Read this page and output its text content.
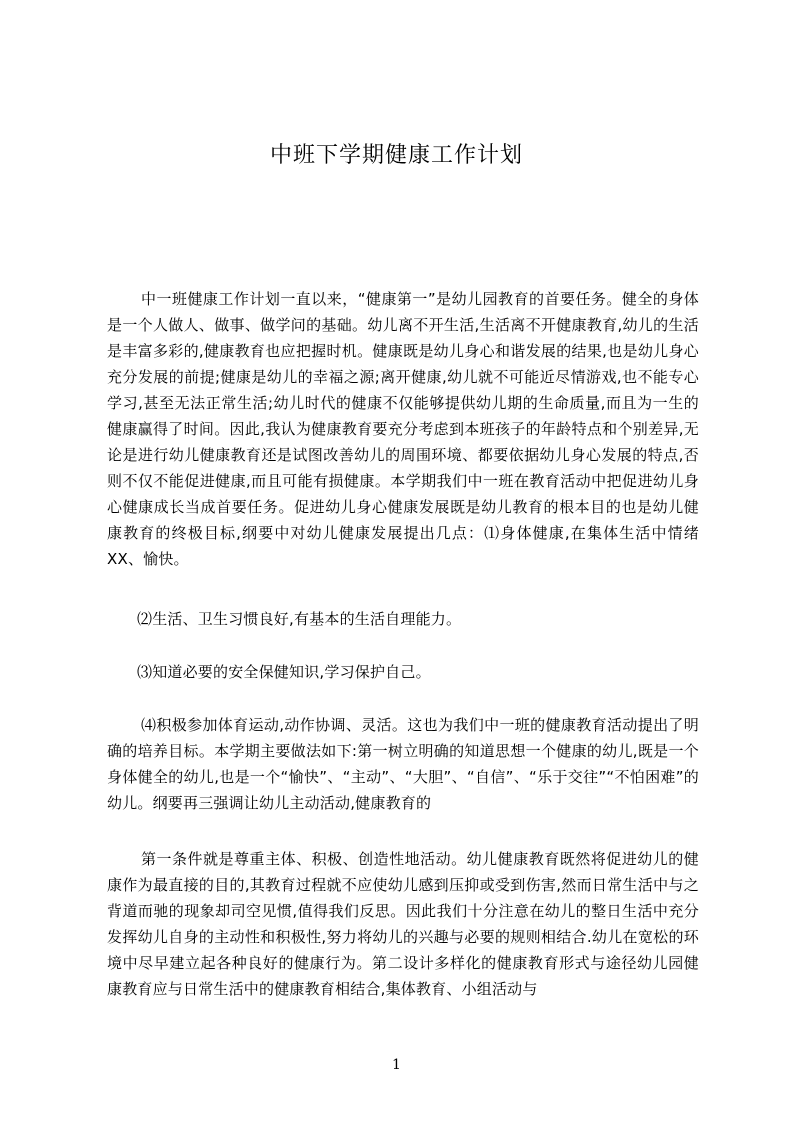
中班下学期健康工作计划

中一班健康工作计划一直以来，“健康第一”是幼儿园教育的首要任务。健全的身体是一个人做人、做事、做学问的基础。幼儿离不开生活,生活离不开健康教育,幼儿的生活是丰富多彩的,健康教育也应把握时机。健康既是幼儿身心和谐发展的结果,也是幼儿身心充分发展的前提;健康是幼儿的幸福之源;离开健康,幼儿就不可能近尽情游戏,也不能专心学习,甚至无法正常生活;幼儿时代的健康不仅能够提供幼儿期的生命质量,而且为一生的健康赢得了时间。因此,我认为健康教育要充分考虑到本班孩子的年龄特点和个别差异,无论是进行幼儿健康教育还是试图改善幼儿的周围环境、都要依据幼儿身心发展的特点,否则不仅不能促进健康,而且可能有损健康。本学期我们中一班在教育活动中把促进幼儿身心健康成长当成首要任务。促进幼儿身心健康发展既是幼儿教育的根本目的也是幼儿健康教育的终极目标,纲要中对幼儿健康发展提出几点：⑴身体健康,在集体生活中情绪XX、愉快。

⑵生活、卫生习惯良好,有基本的生活自理能力。

⑶知道必要的安全保健知识,学习保护自己。

⑷积极参加体育运动,动作协调、灵活。这也为我们中一班的健康教育活动提出了明确的培养目标。本学期主要做法如下:第一树立明确的知道思想一个健康的幼儿,既是一个身体健全的幼儿,也是一个“愉快”、“主动”、“大胆”、“自信”、“乐于交往”“不怕困难”的幼儿。纲要再三强调让幼儿主动活动,健康教育的

第一条件就是尊重主体、积极、创造性地活动。幼儿健康教育既然将促进幼儿的健康作为最直接的目的,其教育过程就不应使幼儿感到压抑或受到伤害,然而日常生活中与之背道而驰的现象却司空见惯,值得我们反思。因此我们十分注意在幼儿的整日生活中充分发挥幼儿自身的主动性和积极性,努力将幼儿的兴趣与必要的规则相结合.幼儿在宽松的环境中尽早建立起各种良好的健康行为。第二设计多样化的健康教育形式与途径幼儿园健康教育应与日常生活中的健康教育相结合,集体教育、小组活动与

1
